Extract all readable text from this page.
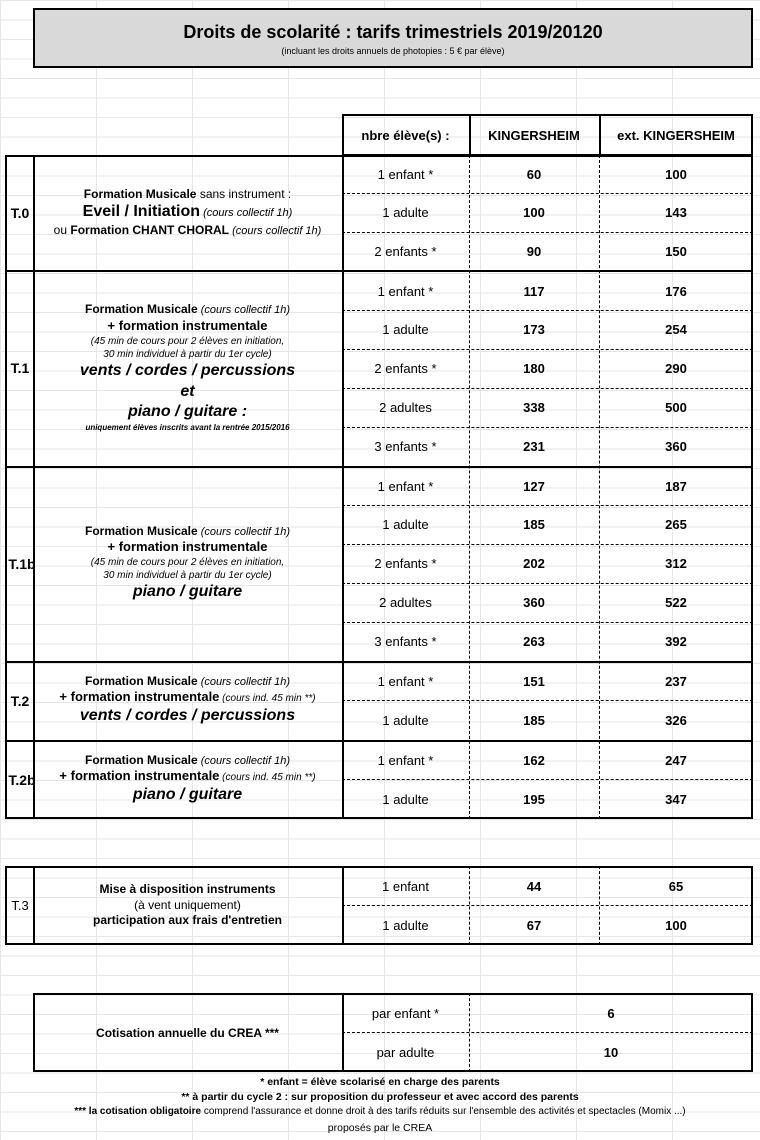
Droits de scolarité : tarifs trimestriels 2019/20120
(incluant les droits annuels de photopies : 5 € par élève)
nbre élève(s) :	KINGERSHEIM	ext. KINGERSHEIM
T.0
Formation Musicale sans instrument :
Eveil / Initiation (cours collectif 1h)
ou Formation CHANT CHORAL (cours collectif 1h)
1 enfant *	60	100
1 adulte	100	143
2 enfants *	90	150
T.1
Formation Musicale (cours collectif 1h)
+ formation instrumentale
(45 min de cours pour 2 élèves en initiation,
30 min individuel à partir du 1er cycle)
vents / cordes / percussions
et
piano / guitare :
uniquement élèves inscrits avant la rentrée 2015/2016
1 enfant *	117	176
1 adulte	173	254
2 enfants *	180	290
2 adultes	338	500
3 enfants *	231	360
T.1b
Formation Musicale (cours collectif 1h)
+ formation instrumentale
(45 min de cours pour 2 élèves en initiation,
30 min individuel à partir du 1er cycle)
piano / guitare
1 enfant *	127	187
1 adulte	185	265
2 enfants *	202	312
2 adultes	360	522
3 enfants *	263	392
T.2
Formation Musicale (cours collectif 1h)
+ formation instrumentale (cours ind. 45 min **)
vents / cordes / percussions
1 enfant *	151	237
1 adulte	185	326
T.2b
Formation Musicale (cours collectif 1h)
+ formation instrumentale (cours ind. 45 min **)
piano / guitare
1 enfant *	162	247
1 adulte	195	347
T.3
Mise à disposition instruments
(à vent uniquement)
participation aux frais d'entretien
1 enfant	44	65
1 adulte	67	100
Cotisation annuelle du CREA ***
par enfant *	6
par adulte	10
* enfant = élève scolarisé en charge des parents
** à partir du cycle 2 : sur proposition du professeur et avec accord des parents
*** la cotisation obligatoire comprend l'assurance et donne droit à des tarifs réduits sur l'ensemble des activités et spectacles (Momix ...)
proposés par le CREA
